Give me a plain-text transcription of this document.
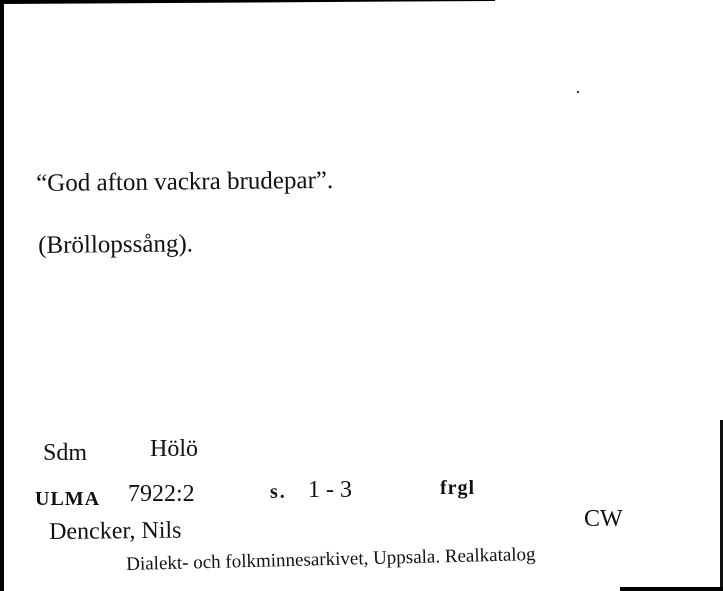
“God afton vackra brudepar”.
(Bröllopssång).
Sdm	Hölö
ULMA 7922:2	s. 1 - 3	frgl
Dencker, Nils	CW
Dialekt- och folkminnesarkivet, Uppsala. Realkatalog
